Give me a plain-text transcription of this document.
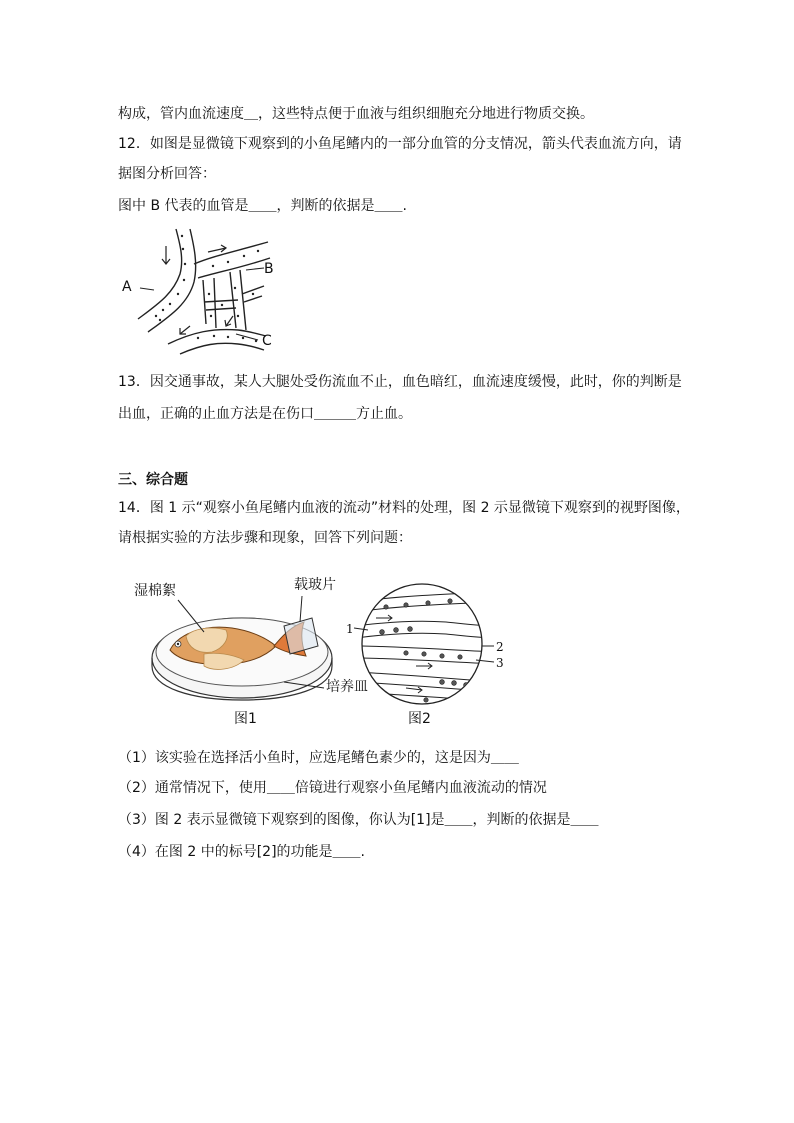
构成，管内血流速度＿，这些特点便于血液与组织细胞充分地进行物质交换。
12．如图是显微镜下观察到的小鱼尾鳍内的一部分血管的分支情况，箭头代表血流方向，请
据图分析回答：
图中 B 代表的血管是＿＿，判断的依据是＿＿.
A
B
C
13．因交通事故，某人大腿处受伤流血不止，血色暗红，血流速度缓慢，此时，你的判断是
出血，正确的止血方法是在伤口＿＿＿方止血。
三、综合题
14．图 1 示“观察小鱼尾鳍内血液的流动”材料的处理，图 2 示显微镜下观察到的视野图像，
请根据实验的方法步骤和现象，回答下列问题：
湿棉絮	载玻片
培养皿
图1
1
2
3
图2
（1）该实验在选择活小鱼时，应选尾鳍色素少的，这是因为＿＿
（2）通常情况下，使用＿＿倍镜进行观察小鱼尾鳍内血液流动的情况
（3）图 2 表示显微镜下观察到的图像，你认为[1]是＿＿，判断的依据是＿＿
（4）在图 2 中的标号[2]的功能是＿＿.
